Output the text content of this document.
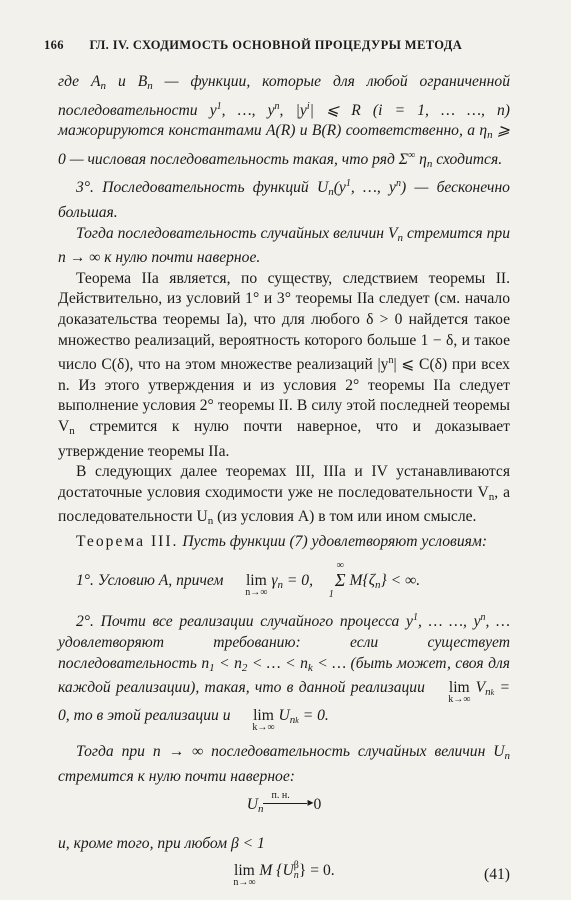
166 ГЛ. IV. СХОДИМОСТЬ ОСНОВНОЙ ПРОЦЕДУРЫ МЕТОДА

где $A_n$ и $B_n$ — функции, которые для любой ограниченной последовательности $y^1$, …, $y^n$, $|y^i|$ ⩽ R (i = 1, … …, n) мажорируются константами A(R) и B(R) соответственно, а $\eta_n$ ⩾ 0 — числовая последовательность такая, что ряд Σ∞ $\eta_n$ сходится.

3°. Последовательность функций $U_n(y^1$, …, $y^n$) — бесконечно большая.

Тогда последовательность случайных величин $V_n$ стремится при n → ∞ к нулю почти наверное.

Теорема IIa является, по существу, следствием теоремы II. Действительно, из условий 1° и 3° теоремы IIa следует (см. начало доказательства теоремы Ia), что для любого δ > 0 найдется такое множество реализаций, вероятность которого больше 1 − δ, и такое число C(δ), что на этом множестве реализаций $|y^n|$ ⩽ C(δ) при всех n. Из этого утверждения и из условия 2° теоремы IIa следует выполнение условия 2° теоремы II. В силу этой последней теоремы $V_n$ стремится к нулю почти наверное, что и доказывает утверждение теоремы IIa.

В следующих далее теоремах III, IIIa и IV устанавливаются достаточные условия сходимости уже не последовательности $V_n$, а последовательности $U_n$ (из условия A) в том или ином смысле.

Теорема III. Пусть функции (7) удовлетворяют условиям:

1°. Условию А, причем lim
n→∞
$\gamma_n = 0$, ∞
Σ
1 $M\{\zeta_n\}$ < ∞.

2°. Почти все реализации случайного процесса $y^1$, … …, $y^n$, … удовлетворяют требованию: если существует последовательность $n_1 < n_2$ < … < $n_k$ < … (быть может, своя для каждой реализации), такая, что в данной реализации lim
k→∞
$V_{nk} = 0$, то в этой реализации и lim
k→∞
$U_{nk} = 0$.

Тогда при n → ∞ последовательность случайных величин $U_n$ стремится к нулю почти наверное:

$U_n$
п. н. ▸ 0

и, кроме того, при любом β < 1

lim
n→∞
M {U β
n } = 0.	(41)
